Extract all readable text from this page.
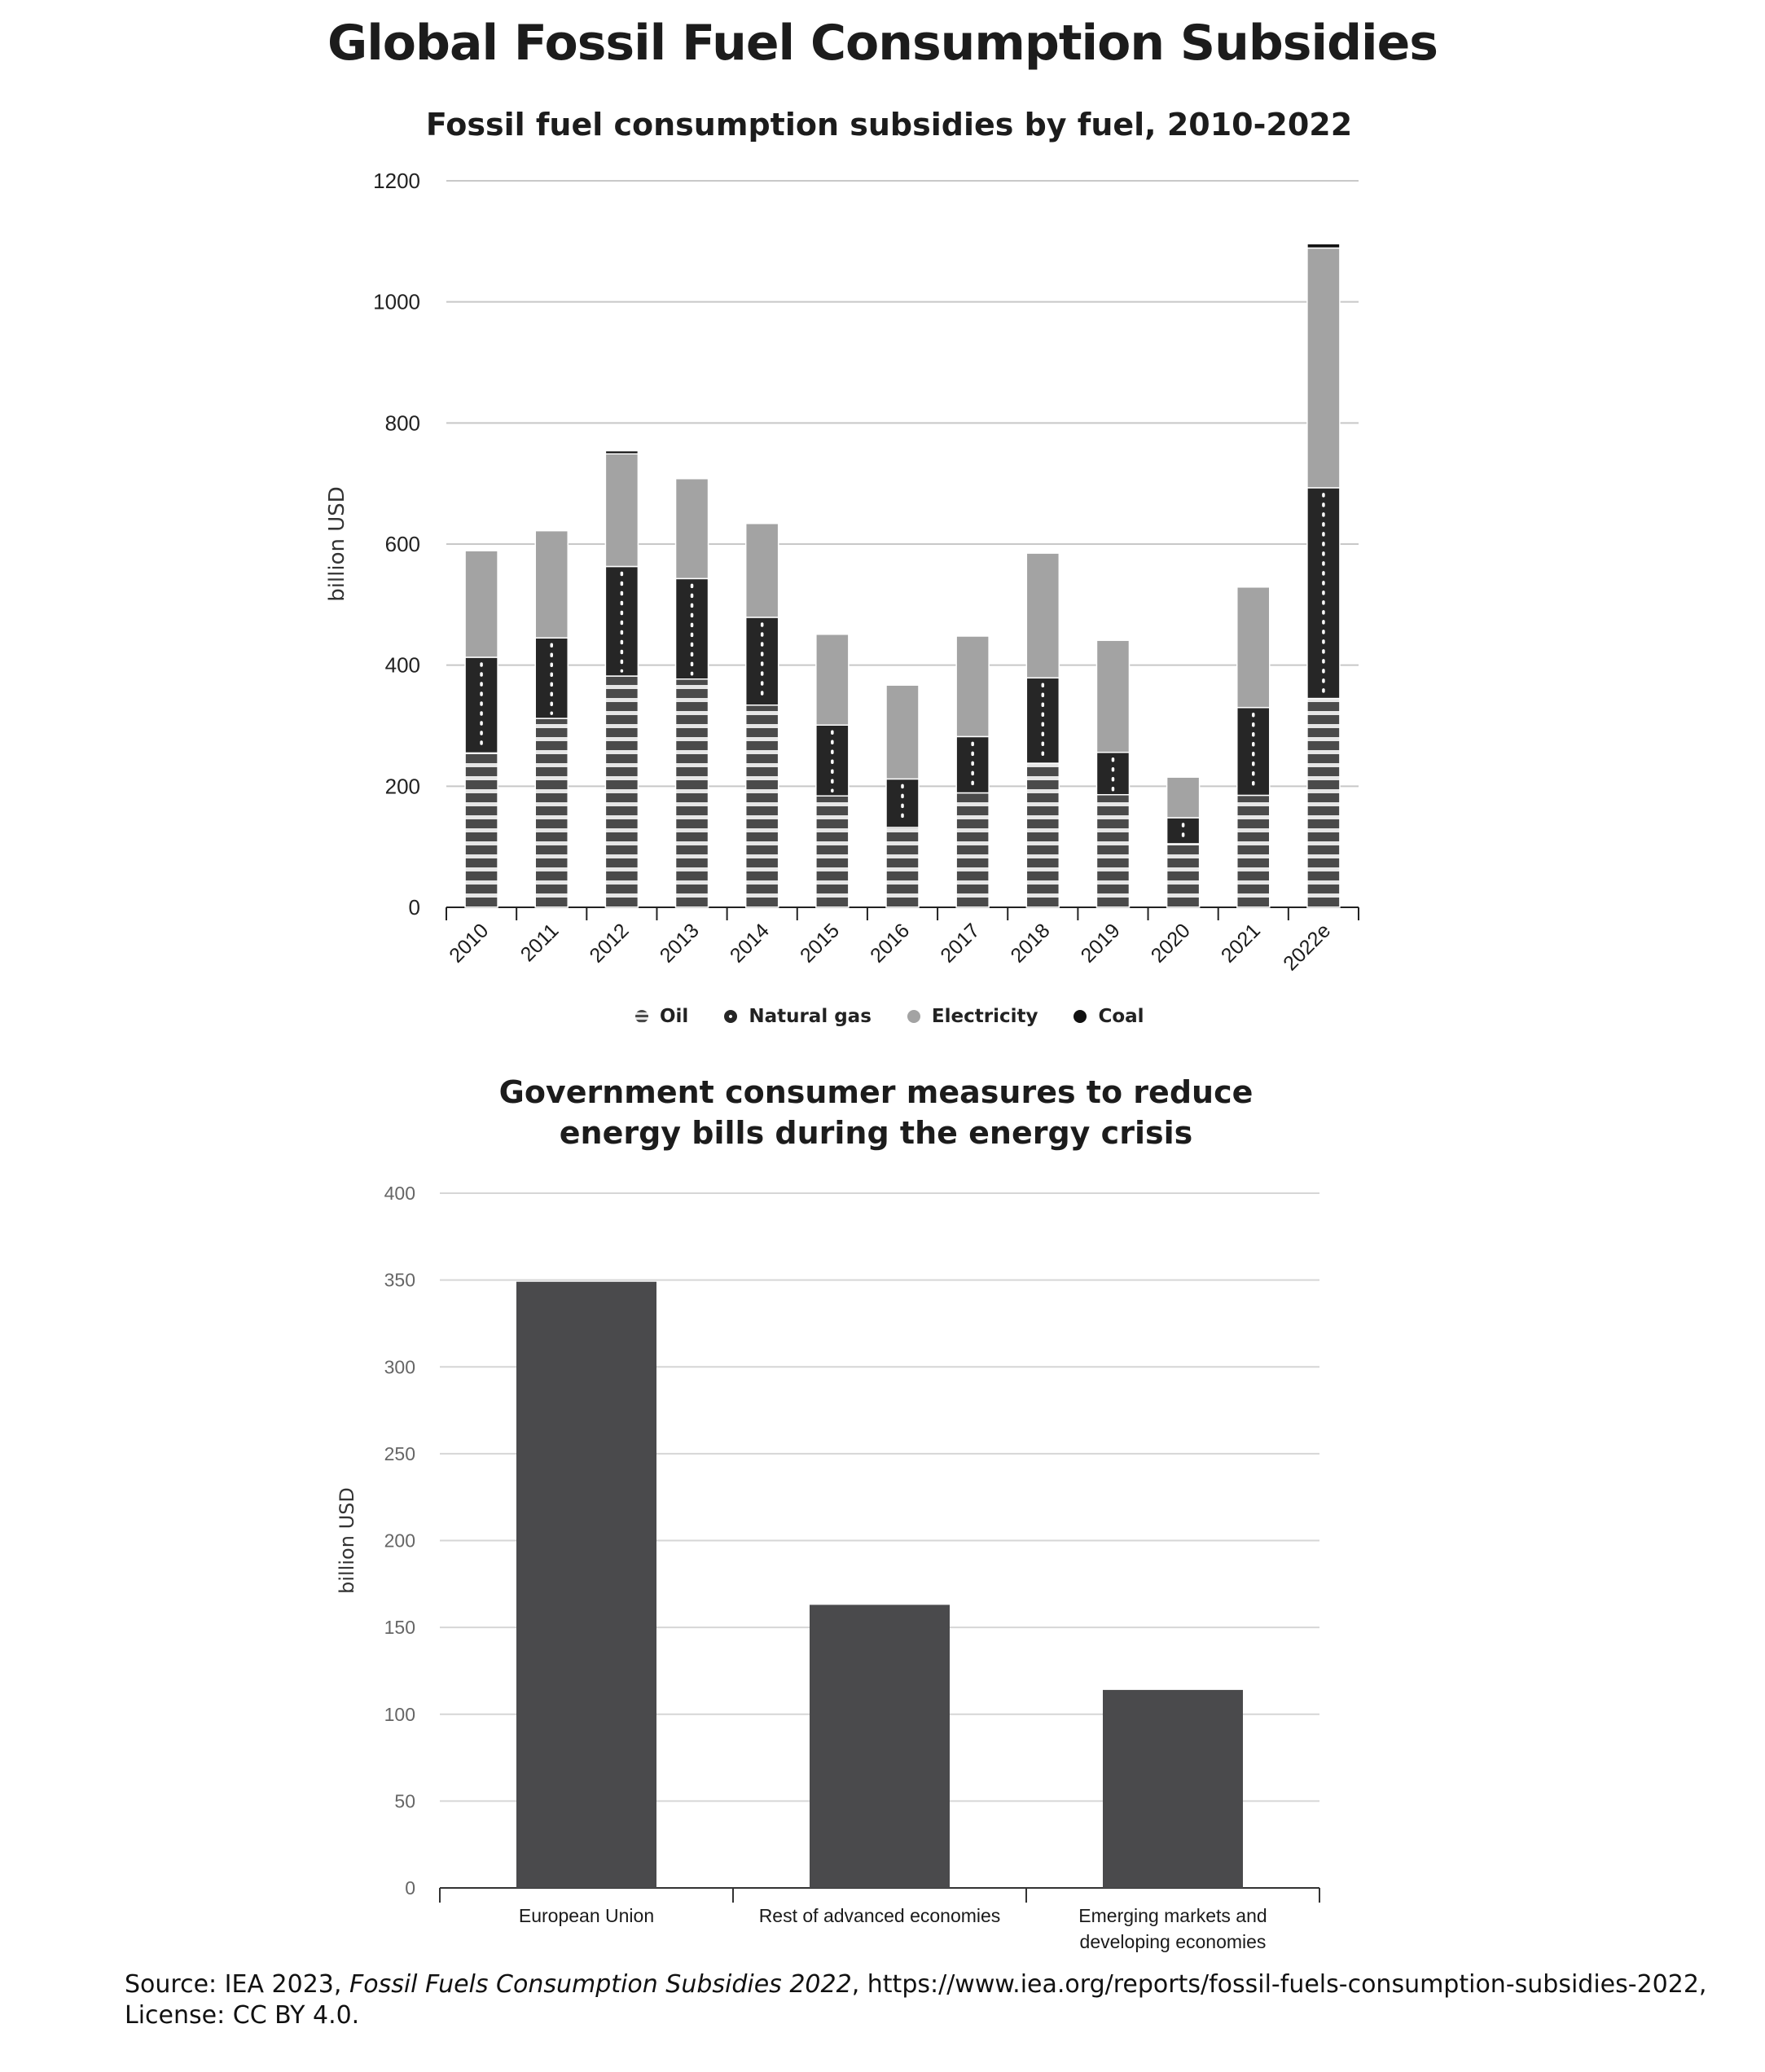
Global Fossil Fuel Consumption Subsidies
Fossil fuel consumption subsidies by fuel, 2010-2022
0
200
400
600
800
1000
1200
billion USD
2010 2011 2012 2013 2014 2015 2016 2017 2018 2019 2020 2021 2022e
Oil	Natural gas	Electricity	Coal
Government consumer measures to reduce
energy bills during the energy crisis
0
50
100
150
200
250
300
350
400
billion USD
European Union	Rest of advanced economies	Emerging markets and
developing economies
Source: IEA 2023, Fossil Fuels Consumption Subsidies 2022, https://www.iea.org/reports/fossil-fuels-consumption-subsidies-2022,
License: CC BY 4.0.
